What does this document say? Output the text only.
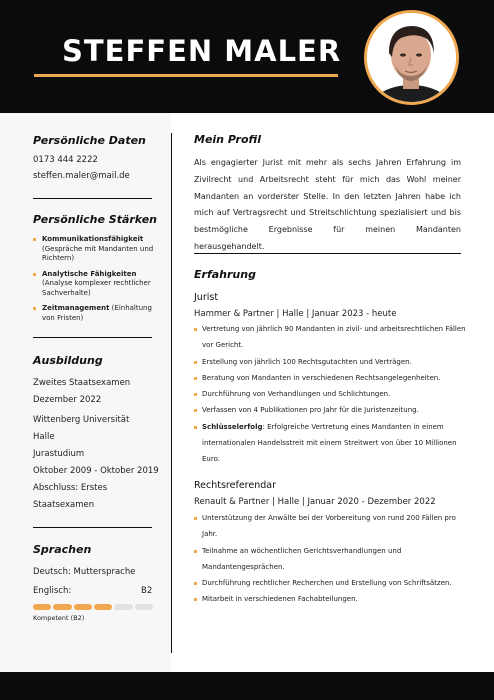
STEFFEN MALER
Persönliche Daten
0173 444 2222
steffen.maler@mail.de
Persönliche Stärken
Kommunikationsfähigkeit (Gespräche mit Mandanten und Richtern)
Analytische Fähigkeiten (Analyse komplexer rechtlicher Sachverhalte)
Zeitmanagement (Einhaltung von Fristen)
Ausbildung
Zweites Staatsexamen
Dezember 2022
Wittenberg Universität
Halle
Jurastudium
Oktober 2009 - Oktober 2019
Abschluss: Erstes
Staatsexamen
Sprachen
Deutsch: Muttersprache
Englisch:	B2
Kompetent (B2)
Mein Profil
Als engagierter Jurist mit mehr als sechs Jahren Erfahrung im Zivilrecht und Arbeitsrecht steht für mich das Wohl meiner Mandanten an vorderster Stelle. In den letzten Jahren habe ich mich auf Vertragsrecht und Streitschlichtung spezialisiert und bis bestmögliche Ergebnisse für meinen Mandanten herausgehandelt.
Erfahrung
Jurist
Hammer & Partner | Halle | Januar 2023 - heute
Vertretung von jährlich 90 Mandanten in zivil- und arbeitsrechtlichen Fällen vor Gericht.
Erstellung von jährlich 100 Rechtsgutachten und Verträgen.
Beratung von Mandanten in verschiedenen Rechtsangelegenheiten.
Durchführung von Verhandlungen und Schlichtungen.
Verfassen von 4 Publikationen pro Jahr für die Juristenzeitung.
Schlüsselerfolg: Erfolgreiche Vertretung eines Mandanten in einem internationalen Handelsstreit mit einem Streitwert von über 10 Millionen Euro.
Rechtsreferendar
Renault & Partner | Halle | Januar 2020 - Dezember 2022
Unterstützung der Anwälte bei der Vorbereitung von rund 200 Fällen pro Jahr.
Teilnahme an wöchentlichen Gerichtsverhandlungen und Mandantengesprächen.
Durchführung rechtlicher Recherchen und Erstellung von Schriftsätzen.
Mitarbeit in verschiedenen Fachabteilungen.
